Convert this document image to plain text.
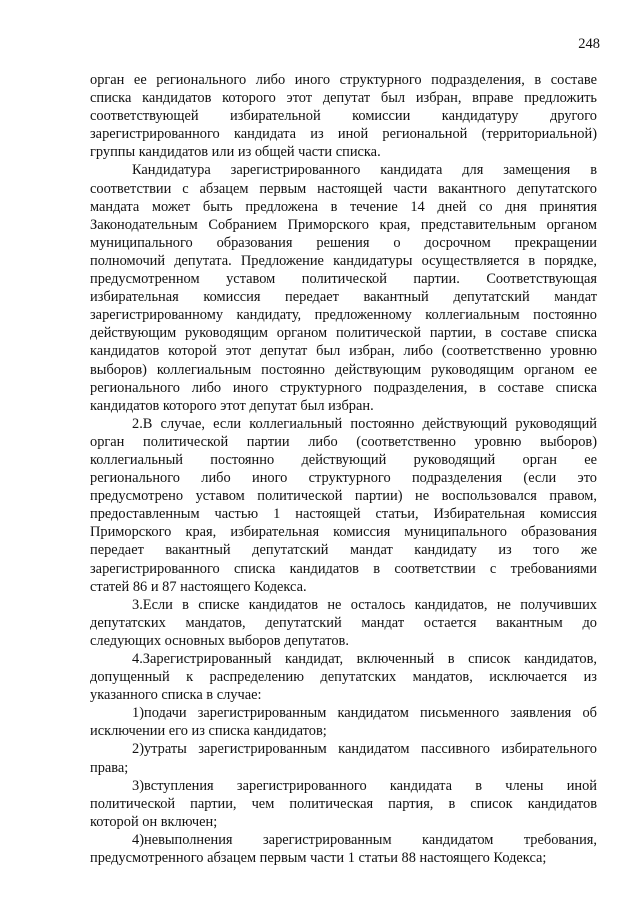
248
орган ее регионального либо иного структурного подразделения, в составе
списка кандидатов которого этот депутат был избран, вправе предложить
соответствующей избирательной комиссии кандидатуру другого
зарегистрированного кандидата из иной региональной (территориальной)
группы кандидатов или из общей части списка.
Кандидатура зарегистрированного кандидата для замещения в
соответствии с абзацем первым настоящей части вакантного депутатского
мандата может быть предложена в течение 14 дней со дня принятия
Законодательным Собранием Приморского края, представительным органом
муниципального образования решения о досрочном прекращении
полномочий депутата. Предложение кандидатуры осуществляется в порядке,
предусмотренном уставом политической партии. Соответствующая
избирательная комиссия передает вакантный депутатский мандат
зарегистрированному кандидату, предложенному коллегиальным постоянно
действующим руководящим органом политической партии, в составе списка
кандидатов которой этот депутат был избран, либо (соответственно уровню
выборов) коллегиальным постоянно действующим руководящим органом ее
регионального либо иного структурного подразделения, в составе списка
кандидатов которого этот депутат был избран.
2.В случае, если коллегиальный постоянно действующий руководящий
орган политической партии либо (соответственно уровню выборов)
коллегиальный постоянно действующий руководящий орган ее
регионального либо иного структурного подразделения (если это
предусмотрено уставом политической партии) не воспользовался правом,
предоставленным частью 1 настоящей статьи, Избирательная комиссия
Приморского края, избирательная комиссия муниципального образования
передает вакантный депутатский мандат кандидату из того же
зарегистрированного списка кандидатов в соответствии с требованиями
статей 86 и 87 настоящего Кодекса.
3.Если в списке кандидатов не осталось кандидатов, не получивших
депутатских мандатов, депутатский мандат остается вакантным до
следующих основных выборов депутатов.
4.Зарегистрированный кандидат, включенный в список кандидатов,
допущенный к распределению депутатских мандатов, исключается из
указанного списка в случае:
1)подачи зарегистрированным кандидатом письменного заявления об
исключении его из списка кандидатов;
2)утраты зарегистрированным кандидатом пассивного избирательного
права;
3)вступления зарегистрированного кандидата в члены иной
политической партии, чем политическая партия, в список кандидатов
которой он включен;
4)невыполнения зарегистрированным кандидатом требования,
предусмотренного абзацем первым части 1 статьи 88 настоящего Кодекса;
